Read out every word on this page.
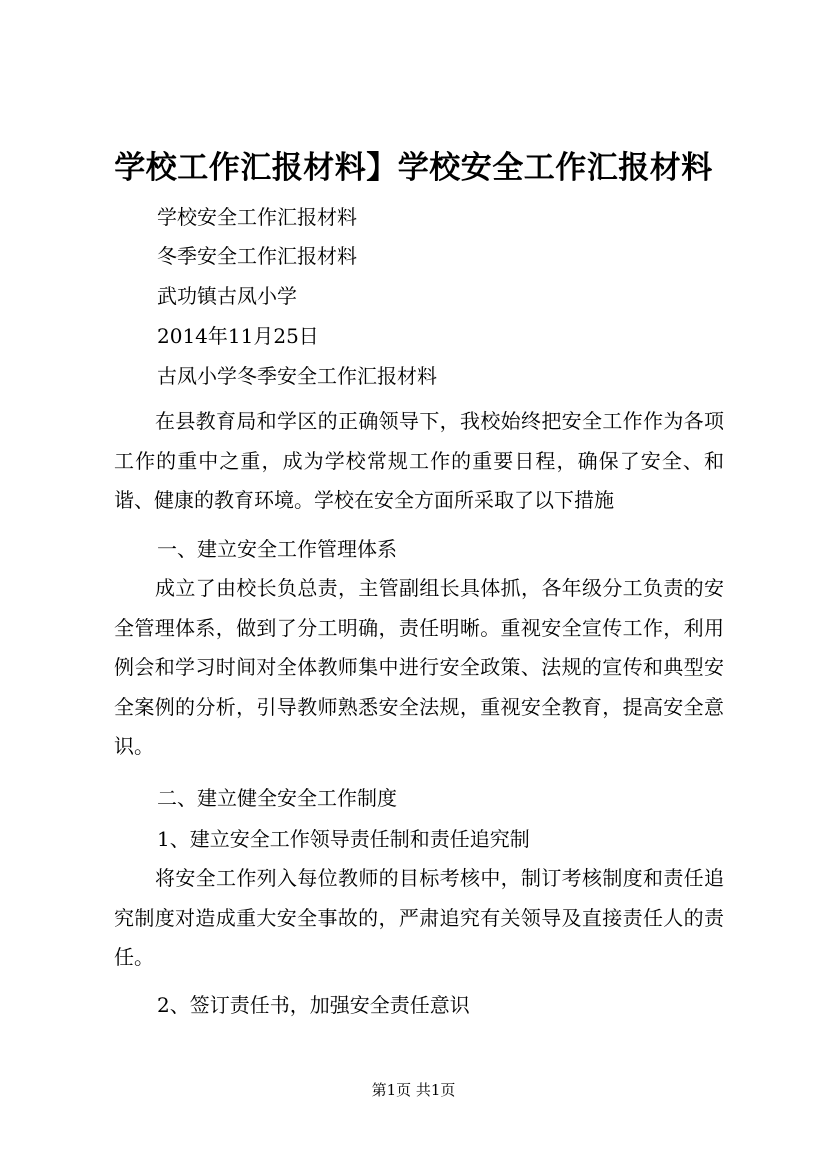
学校工作汇报材料】学校安全工作汇报材料
学校安全工作汇报材料
冬季安全工作汇报材料
武功镇古凤小学
2014年11月25日
古凤小学冬季安全工作汇报材料
在县教育局和学区的正确领导下，我校始终把安全工作作为各项工作的重中之重，成为学校常规工作的重要日程，确保了安全、和谐、健康的教育环境。学校在安全方面所采取了以下措施
一、建立安全工作管理体系
成立了由校长负总责，主管副组长具体抓，各年级分工负责的安全管理体系，做到了分工明确，责任明晰。重视安全宣传工作，利用例会和学习时间对全体教师集中进行安全政策、法规的宣传和典型安全案例的分析，引导教师熟悉安全法规，重视安全教育，提高安全意识。
二、建立健全安全工作制度
1、建立安全工作领导责任制和责任追究制
将安全工作列入每位教师的目标考核中，制订考核制度和责任追究制度对造成重大安全事故的，严肃追究有关领导及直接责任人的责任。
2、签订责任书，加强安全责任意识
第1页 共1页
